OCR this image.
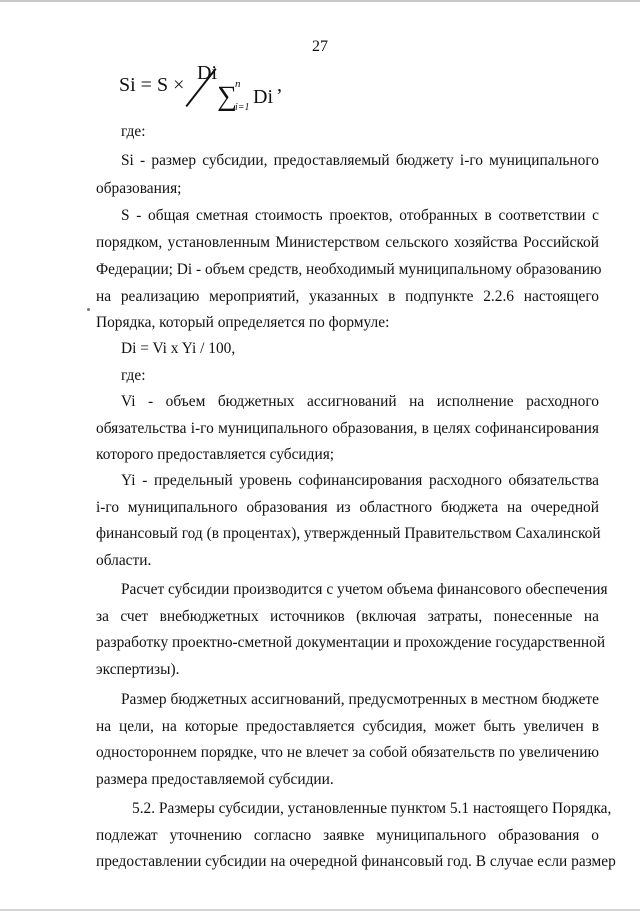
27
Si = S ×
Di
∑
n
i=1 Di
,
где:
Si - размер субсидии, предоставляемый бюджету i-го муниципального
образования;
S - общая сметная стоимость проектов, отобранных в соответствии с
порядком, установленным Министерством сельского хозяйства Российской
Федерации; Di - объем средств, необходимый муниципальному образованию
на реализацию мероприятий, указанных в подпункте 2.2.6 настоящего
Порядка, который определяется по формуле:
Di = Vi x Yi / 100,
где:
Vi - объем бюджетных ассигнований на исполнение расходного
обязательства i-го муниципального образования, в целях софинансирования
которого предоставляется субсидия;
Yi - предельный уровень софинансирования расходного обязательства
i-го муниципального образования из областного бюджета на очередной
финансовый год (в процентах), утвержденный Правительством Сахалинской
области.
Расчет субсидии производится с учетом объема финансового обеспечения
за счет внебюджетных источников (включая затраты, понесенные на
разработку проектно-сметной документации и прохождение государственной
экспертизы).
Размер бюджетных ассигнований, предусмотренных в местном бюджете
на цели, на которые предоставляется субсидия, может быть увеличен в
одностороннем порядке, что не влечет за собой обязательств по увеличению
размера предоставляемой субсидии.
5.2. Размеры субсидии, установленные пунктом 5.1 настоящего Порядка,
подлежат уточнению согласно заявке муниципального образования о
предоставлении субсидии на очередной финансовый год. В случае если размер
